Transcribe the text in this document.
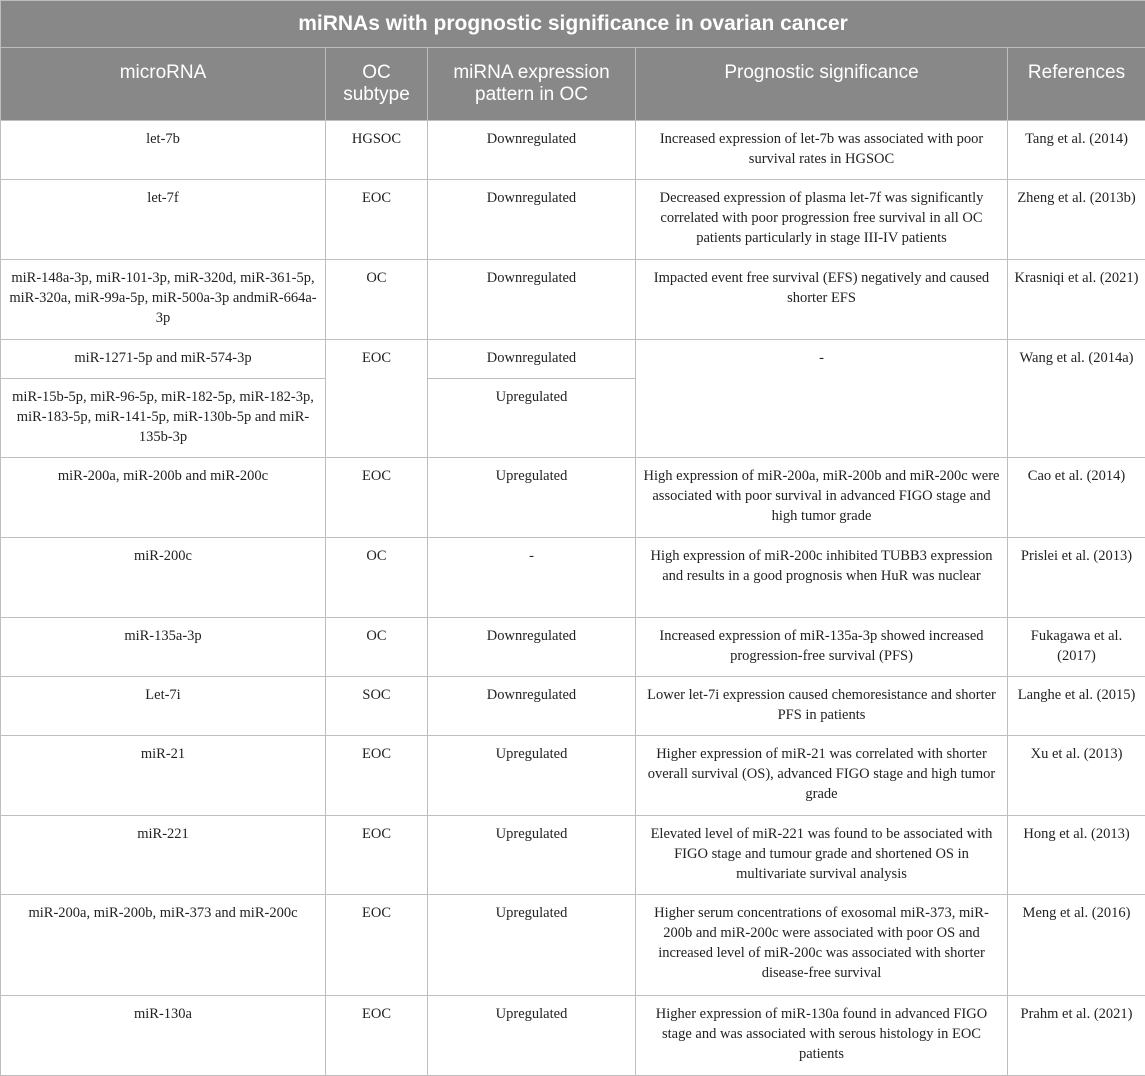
miRNAs with prognostic significance in ovarian cancer				
microRNA	OC subtype	miRNA expression pattern in OC	Prognostic significance	References
let-7b	HGSOC	Downregulated	Increased expression of let-7b was associated with poor survival rates in HGSOC	Tang et al. (2014)
let-7f	EOC	Downregulated	Decreased expression of plasma let-7f was significantly correlated with poor progression free survival in all OC patients particularly in stage III-IV patients	Zheng et al. (2013b)
miR-148a-3p, miR-101-3p, miR-320d, miR-361-5p, miR-320a, miR-99a-5p, miR-500a-3p andmiR-664a-3p	OC	Downregulated	Impacted event free survival (EFS) negatively and caused shorter EFS	Krasniqi et al. (2021)
miR-1271-5p and miR-574-3p	EOC	Downregulated	-	Wang et al. (2014a)
miR-15b-5p, miR-96-5p, miR-182-5p, miR-182-3p, miR-183-5p, miR-141-5p, miR-130b-5p and miR-135b-3p		Upregulated		
miR-200a, miR-200b and miR-200c	EOC	Upregulated	High expression of miR-200a, miR-200b and miR-200c were associated with poor survival in advanced FIGO stage and high tumor grade	Cao et al. (2014)
miR-200c	OC	-	High expression of miR-200c inhibited TUBB3 expression and results in a good prognosis when HuR was nuclear	Prislei et al. (2013)
miR-135a-3p	OC	Downregulated	Increased expression of miR-135a-3p showed increased progression-free survival (PFS)	Fukagawa et al. (2017)
Let-7i	SOC	Downregulated	Lower let-7i expression caused chemoresistance and shorter PFS in patients	Langhe et al. (2015)
miR-21	EOC	Upregulated	Higher expression of miR-21 was correlated with shorter overall survival (OS), advanced FIGO stage and high tumor grade	Xu et al. (2013)
miR-221	EOC	Upregulated	Elevated level of miR-221 was found to be associated with FIGO stage and tumour grade and shortened OS in multivariate survival analysis	Hong et al. (2013)
miR-200a, miR-200b, miR-373 and miR-200c	EOC	Upregulated	Higher serum concentrations of exosomal miR-373, miR-200b and miR-200c were associated with poor OS and increased level of miR-200c was associated with shorter disease-free survival	Meng et al. (2016)
miR-130a	EOC	Upregulated	Higher expression of miR-130a found in advanced FIGO stage and was associated with serous histology in EOC patients	Prahm et al. (2021)
